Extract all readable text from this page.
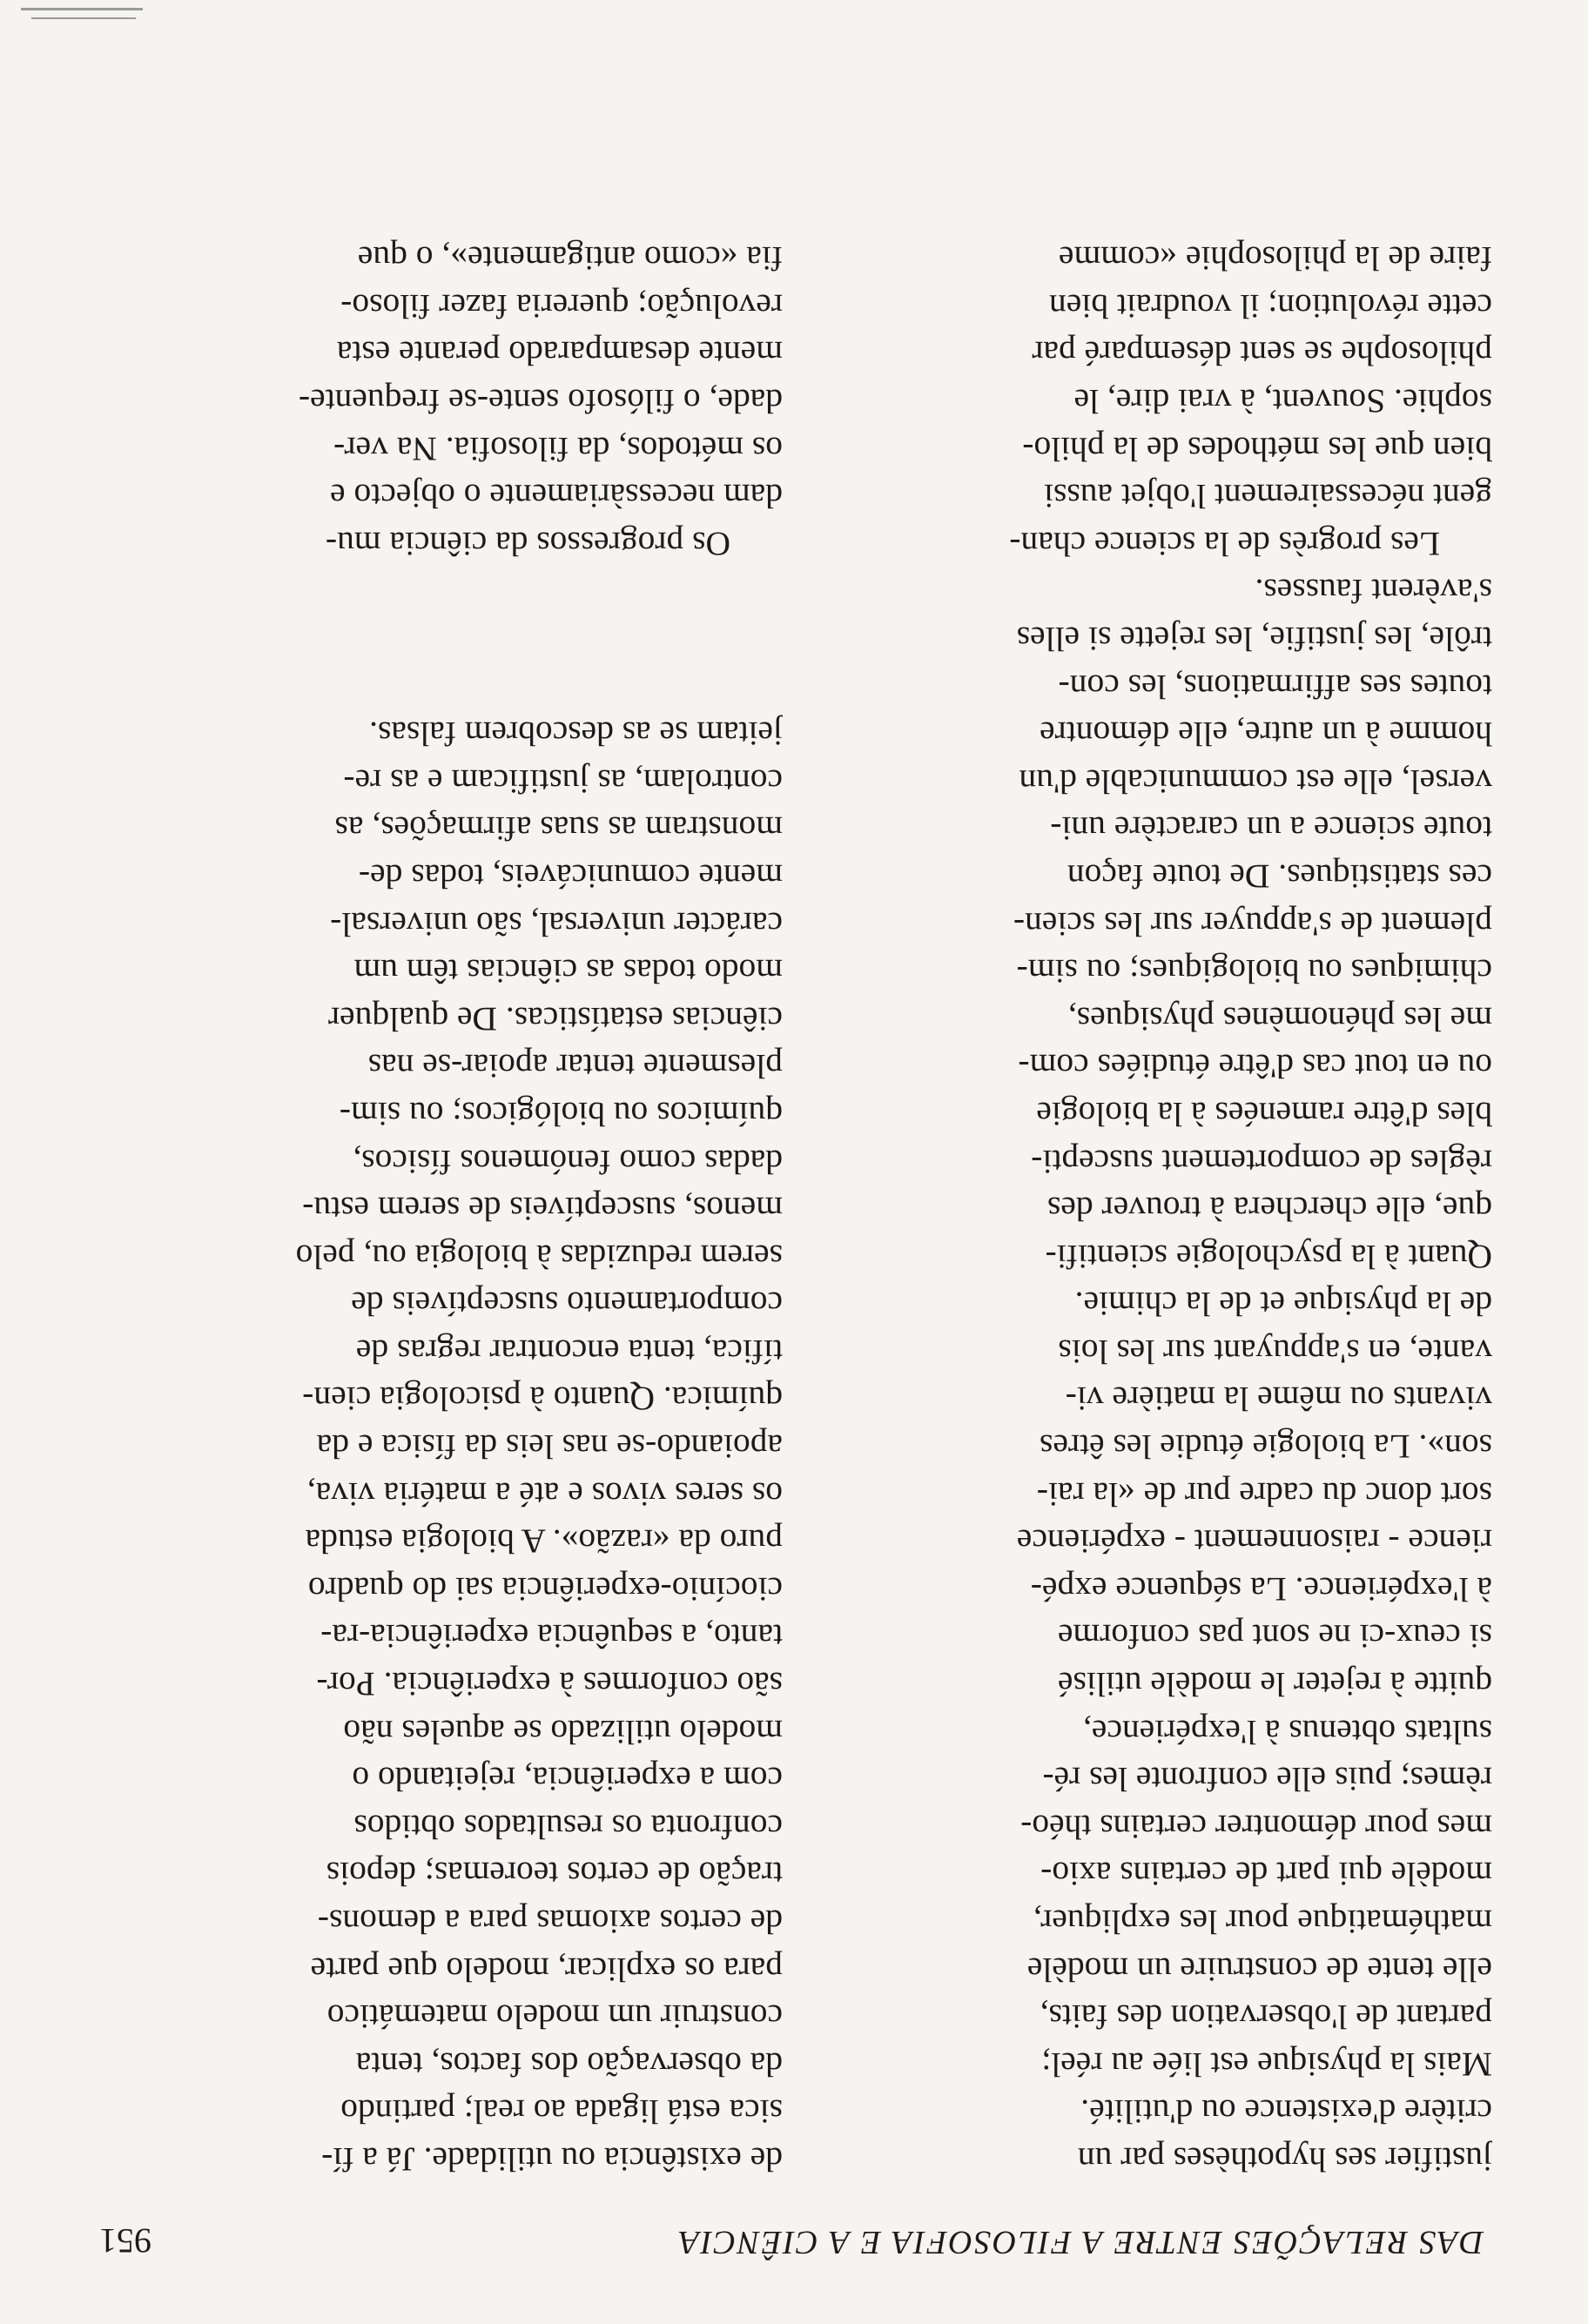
DAS RELAÇÕES ENTRE A FILOSOFIA E A CIÊNCIA
951
justifier ses hypothèses par un
critère d'existence ou d'utilité.
Mais la physique est liée au réel;
partant de l'observation des faits,
elle tente de construire un modèle
mathématique pour les expliquer,
modèle qui part de certains axio-
mes pour démontrer certains théo-
rèmes; puis elle confronte les ré-
sultats obtenus à l'expérience,
quitte à rejeter le modèle utilisé
si ceux-ci ne sont pas conforme
à l'expérience. La séquence expé-
rience - raisonnement - expérience
sort donc du cadre pur de «la rai-
son». La biologie étudie les êtres
vivants ou même la matière vi-
vante, en s'appuyant sur les lois
de la physique et de la chimie.
Quant à la psychologie scientifi-
que, elle cherchera à trouver des
règles de comportement suscepti-
bles d'être ramenées à la biologie
ou en tout cas d'être étudiées com-
me les phénomènes physiques,
chimiques ou biologiques; ou sim-
plement de s'appuyer sur les scien-
ces statistiques. De toute façon
toute science a un caractère uni-
versel, elle est communicable d'un
homme à un autre, elle démontre
toutes ses affirmations, les con-
trôle, les justifie, les rejette si elles
s'avèrent fausses.
Les progrès de la science chan-
gent nécessairement l'objet aussi
bien que les méthodes de la philo-
sophie. Souvent, à vrai dire, le
philosophe se sent désemparé par
cette révolution; il voudrait bien
faire de la philosophie «comme
de existência ou utilidade. Já a fí-
sica está ligada ao real; partindo
da observação dos factos, tenta
construir um modelo matemático
para os explicar, modelo que parte
de certos axiomas para a demons-
tração de certos teoremas; depois
confronta os resultados obtidos
com a experiência, rejeitando o
modelo utilizado se aqueles não
são conformes à experiência. Por-
tanto, a sequência experiência-ra-
ciocínio-experiência sai do quadro
puro da «razão». A biologia estuda
os seres vivos e até a matéria viva,
apoiando-se nas leis da física e da
química. Quanto à psicologia cien-
tífica, tenta encontrar regras de
comportamento susceptíveis de
serem reduzidas à biologia ou, pelo
menos, susceptíveis de serem estu-
dadas como fenómenos físicos,
químicos ou biológicos; ou sim-
plesmente tentar apoiar-se nas
ciências estatísticas. De qualquer
modo todas as ciências têm um
carácter universal, são universal-
mente comunicáveis, todas de-
monstram as suas afirmações, as
controlam, as justificam e as re-
jeitam se as descobrem falsas.
Os progressos da ciência mu-
dam necessàriamente o objecto e
os métodos, da filosofia. Na ver-
dade, o filósofo sente-se frequente-
mente desamparado perante esta
revolução; quereria fazer filoso-
fia «como antigamente», o que
